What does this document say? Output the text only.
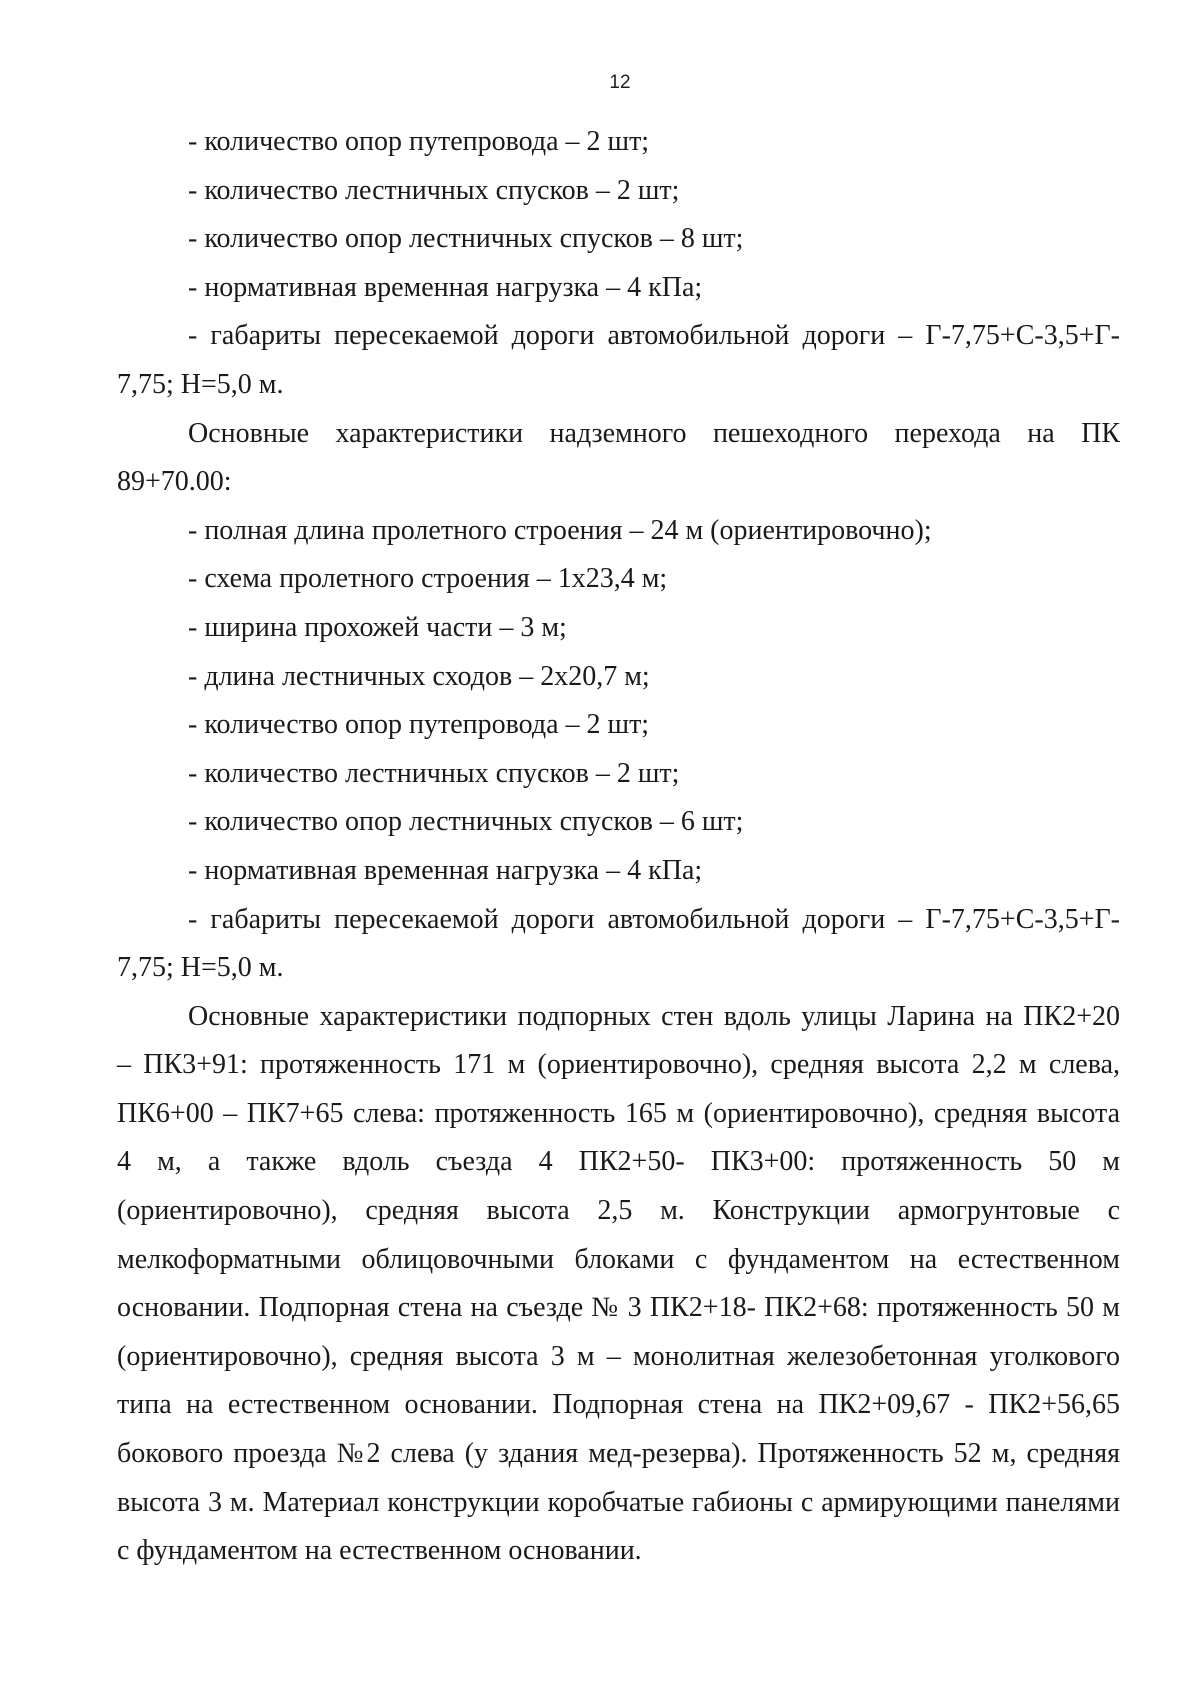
12
- количество опор путепровода – 2 шт;
- количество лестничных спусков – 2 шт;
- количество опор лестничных спусков – 8 шт;
- нормативная временная нагрузка – 4 кПа;
- габариты пересекаемой дороги автомобильной дороги – Г-7,75+С-3,5+Г-
7,75; H=5,0 м.
Основные характеристики надземного пешеходного перехода на ПК
89+70.00:
- полная длина пролетного строения – 24 м (ориентировочно);
- схема пролетного строения – 1х23,4 м;
- ширина прохожей части – 3 м;
- длина лестничных сходов – 2х20,7 м;
- количество опор путепровода – 2 шт;
- количество лестничных спусков – 2 шт;
- количество опор лестничных спусков – 6 шт;
- нормативная временная нагрузка – 4 кПа;
- габариты пересекаемой дороги автомобильной дороги – Г-7,75+С-3,5+Г-
7,75; H=5,0 м.
Основные характеристики подпорных стен вдоль улицы Ларина на ПК2+20
– ПК3+91: протяженность 171 м (ориентировочно), средняя высота 2,2 м слева,
ПК6+00 – ПК7+65 слева: протяженность 165 м (ориентировочно), средняя высота
4 м, а также вдоль съезда 4 ПК2+50- ПК3+00: протяженность 50 м
(ориентировочно), средняя высота 2,5 м. Конструкции армогрунтовые с
мелкоформатными облицовочными блоками с фундаментом на естественном
основании. Подпорная стена на съезде № 3 ПК2+18- ПК2+68: протяженность 50 м
(ориентировочно), средняя высота 3 м – монолитная железобетонная уголкового
типа на естественном основании. Подпорная стена на ПК2+09,67 - ПК2+56,65
бокового проезда №2 слева (у здания мед-резерва). Протяженность 52 м, средняя
высота 3 м. Материал конструкции коробчатые габионы с армирующими панелями
с фундаментом на естественном основании.
